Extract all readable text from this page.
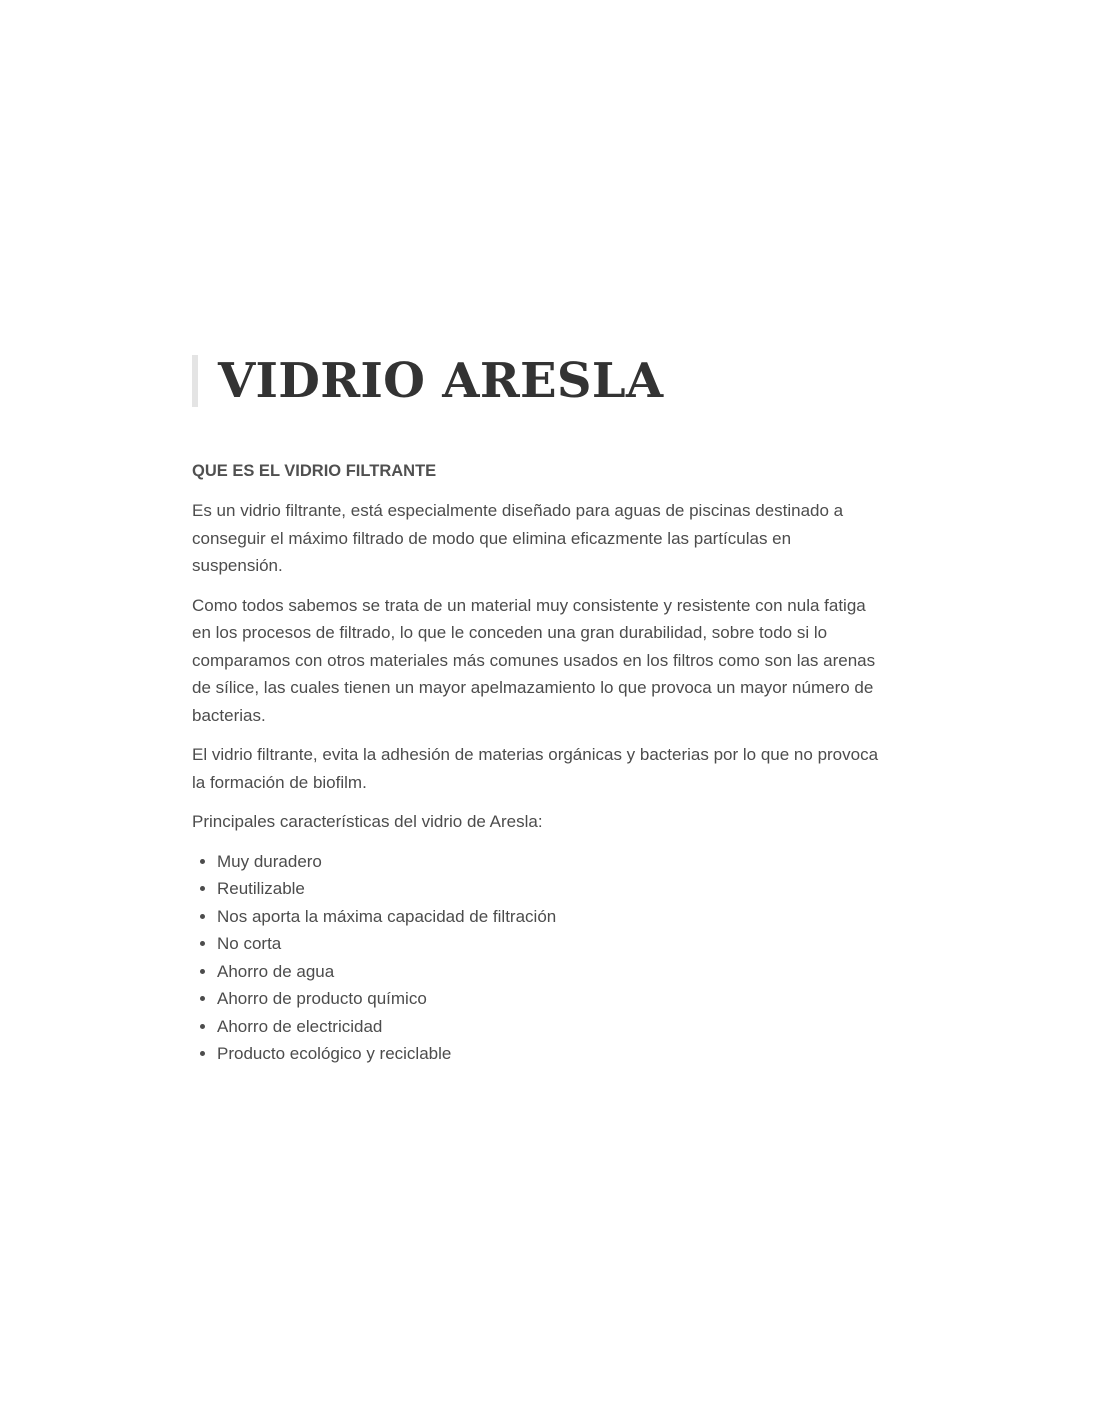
VIDRIO ARESLA

QUE ES EL VIDRIO FILTRANTE

Es un vidrio filtrante, está especialmente diseñado para aguas de piscinas destinado a conseguir el máximo filtrado de modo que elimina eficazmente las partículas en suspensión.

Como todos sabemos se trata de un material muy consistente y resistente con nula fatiga en los procesos de filtrado, lo que le conceden una gran durabilidad, sobre todo si lo comparamos con otros materiales más comunes usados en los filtros como son las arenas de sílice, las cuales tienen un mayor apelmazamiento lo que provoca un mayor número de bacterias.

El vidrio filtrante, evita la adhesión de materias orgánicas y bacterias por lo que no provoca la formación de biofilm.

Principales características del vidrio de Aresla:

• Muy duradero
• Reutilizable
• Nos aporta la máxima capacidad de filtración
• No corta
• Ahorro de agua
• Ahorro de producto químico
• Ahorro de electricidad
• Producto ecológico y reciclable
